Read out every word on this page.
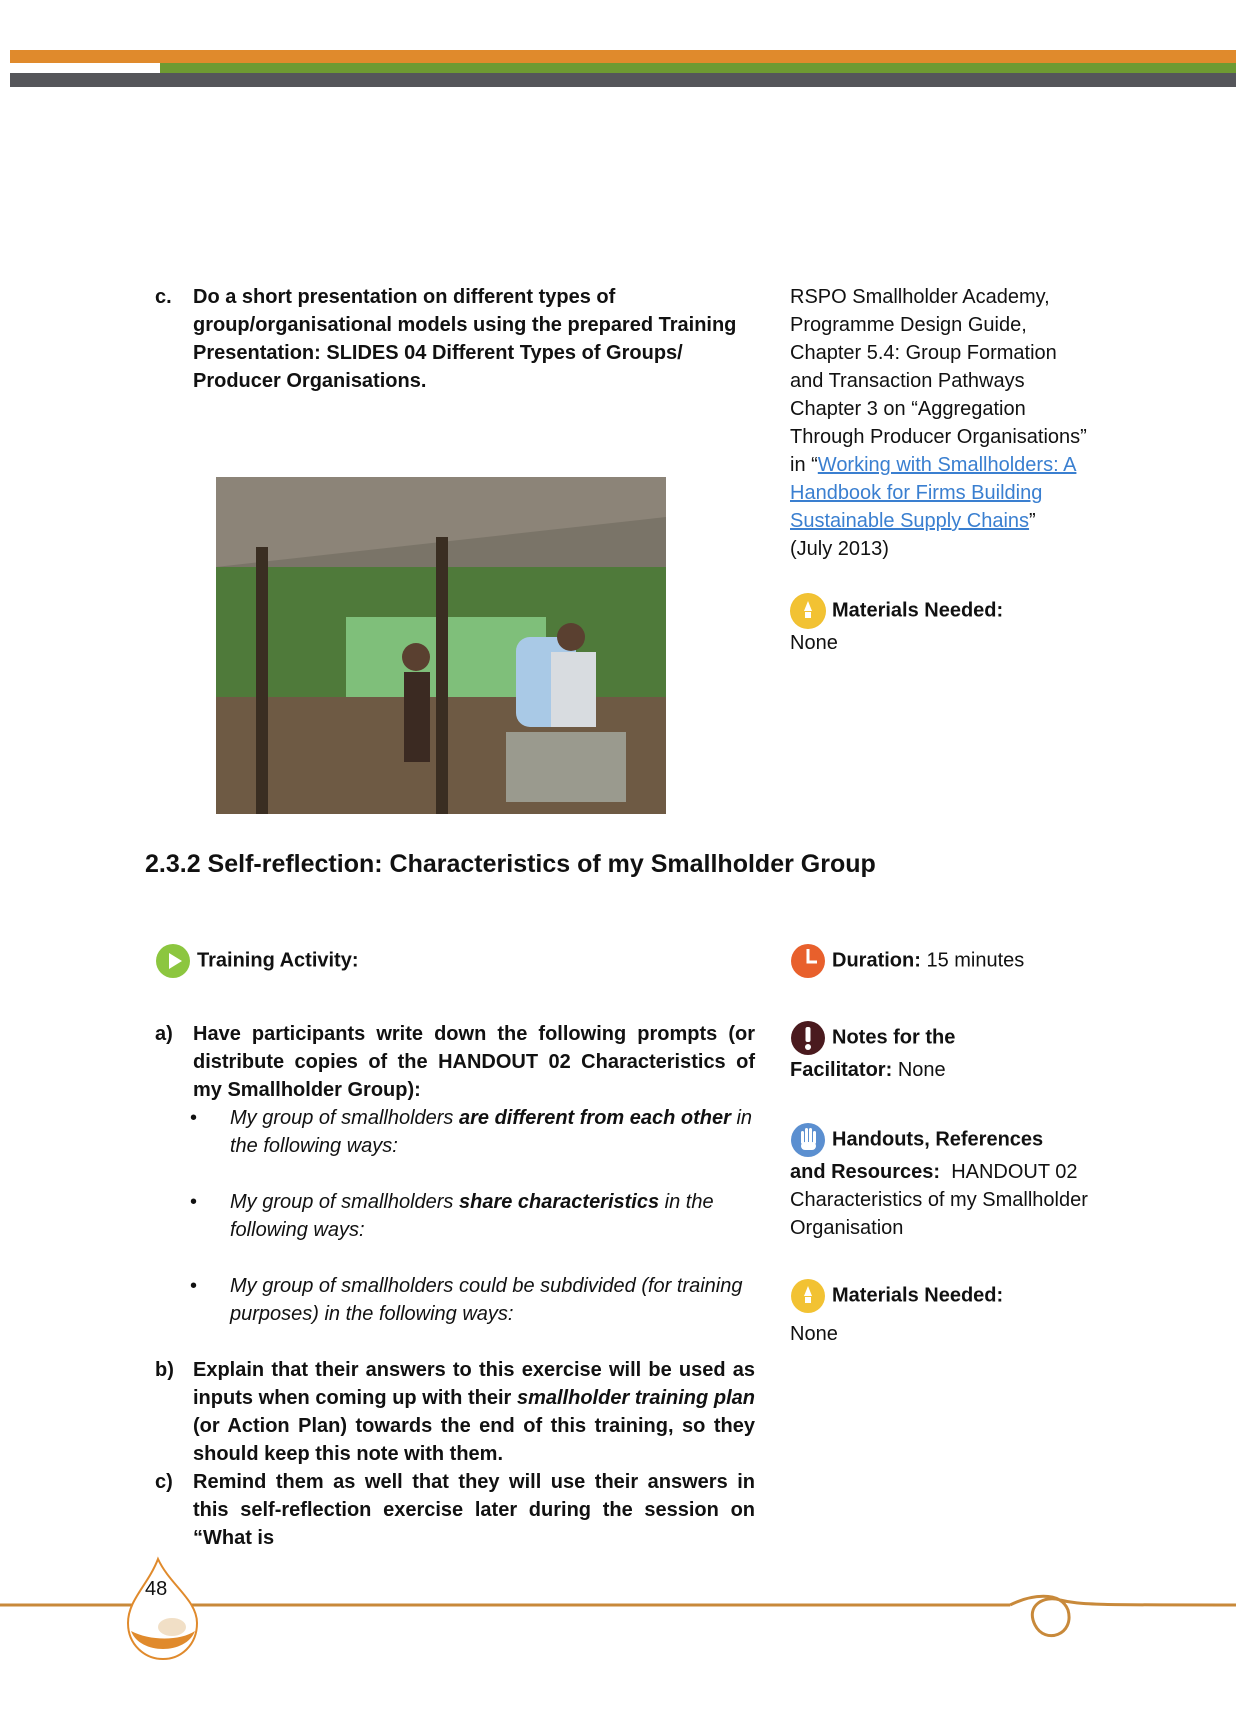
c. Do a short presentation on different types of group/organisational models using the prepared Training Presentation: SLIDES 04 Different Types of Groups/ Producer Organisations.
RSPO Smallholder Academy, Programme Design Guide, Chapter 5.4: Group Formation and Transaction Pathways
Chapter 3 on “Aggregation Through Producer Organisations” in “Working with Smallholders: A Handbook for Firms Building Sustainable Supply Chains”
(July 2013)
Materials Needed:
None
2.3.2 Self-reflection: Characteristics of my Smallholder Group
Training Activity:
a) Have participants write down the following prompts (or distribute copies of the HANDOUT 02 Characteristics of my Smallholder Group):
• My group of smallholders are different from each other in the following ways:
• My group of smallholders share characteristics in the following ways:
• My group of smallholders could be subdivided (for training purposes) in the following ways:
b) Explain that their answers to this exercise will be used as inputs when coming up with their smallholder training plan (or Action Plan) towards the end of this training, so they should keep this note with them.
c) Remind them as well that they will use their answers in this self-reflection exercise later during the session on “What is
Duration: 15 minutes
Notes for the
Facilitator: None
Handouts, References
and Resources: HANDOUT 02 Characteristics of my Smallholder Organisation
Materials Needed:
None
48
